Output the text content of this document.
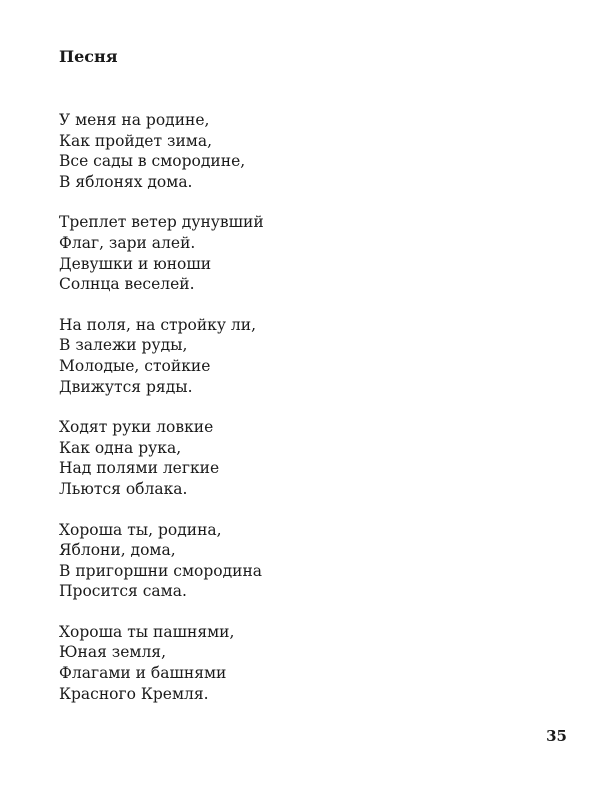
Песня
У меня на родине,
Как пройдет зима,
Все сады в смородине,
В яблонях дома.
Треплет ветер дунувший
Флаг, зари алей.
Девушки и юноши
Солнца веселей.
На поля, на стройку ли,
В залежи руды,
Молодые, стойкие
Движутся ряды.
Ходят руки ловкие
Как одна рука,
Над полями легкие
Льются облака.
Хороша ты, родина,
Яблони, дома,
В пригоршни смородина
Просится сама.
Хороша ты пашнями,
Юная земля,
Флагами и башнями
Красного Кремля.
35
